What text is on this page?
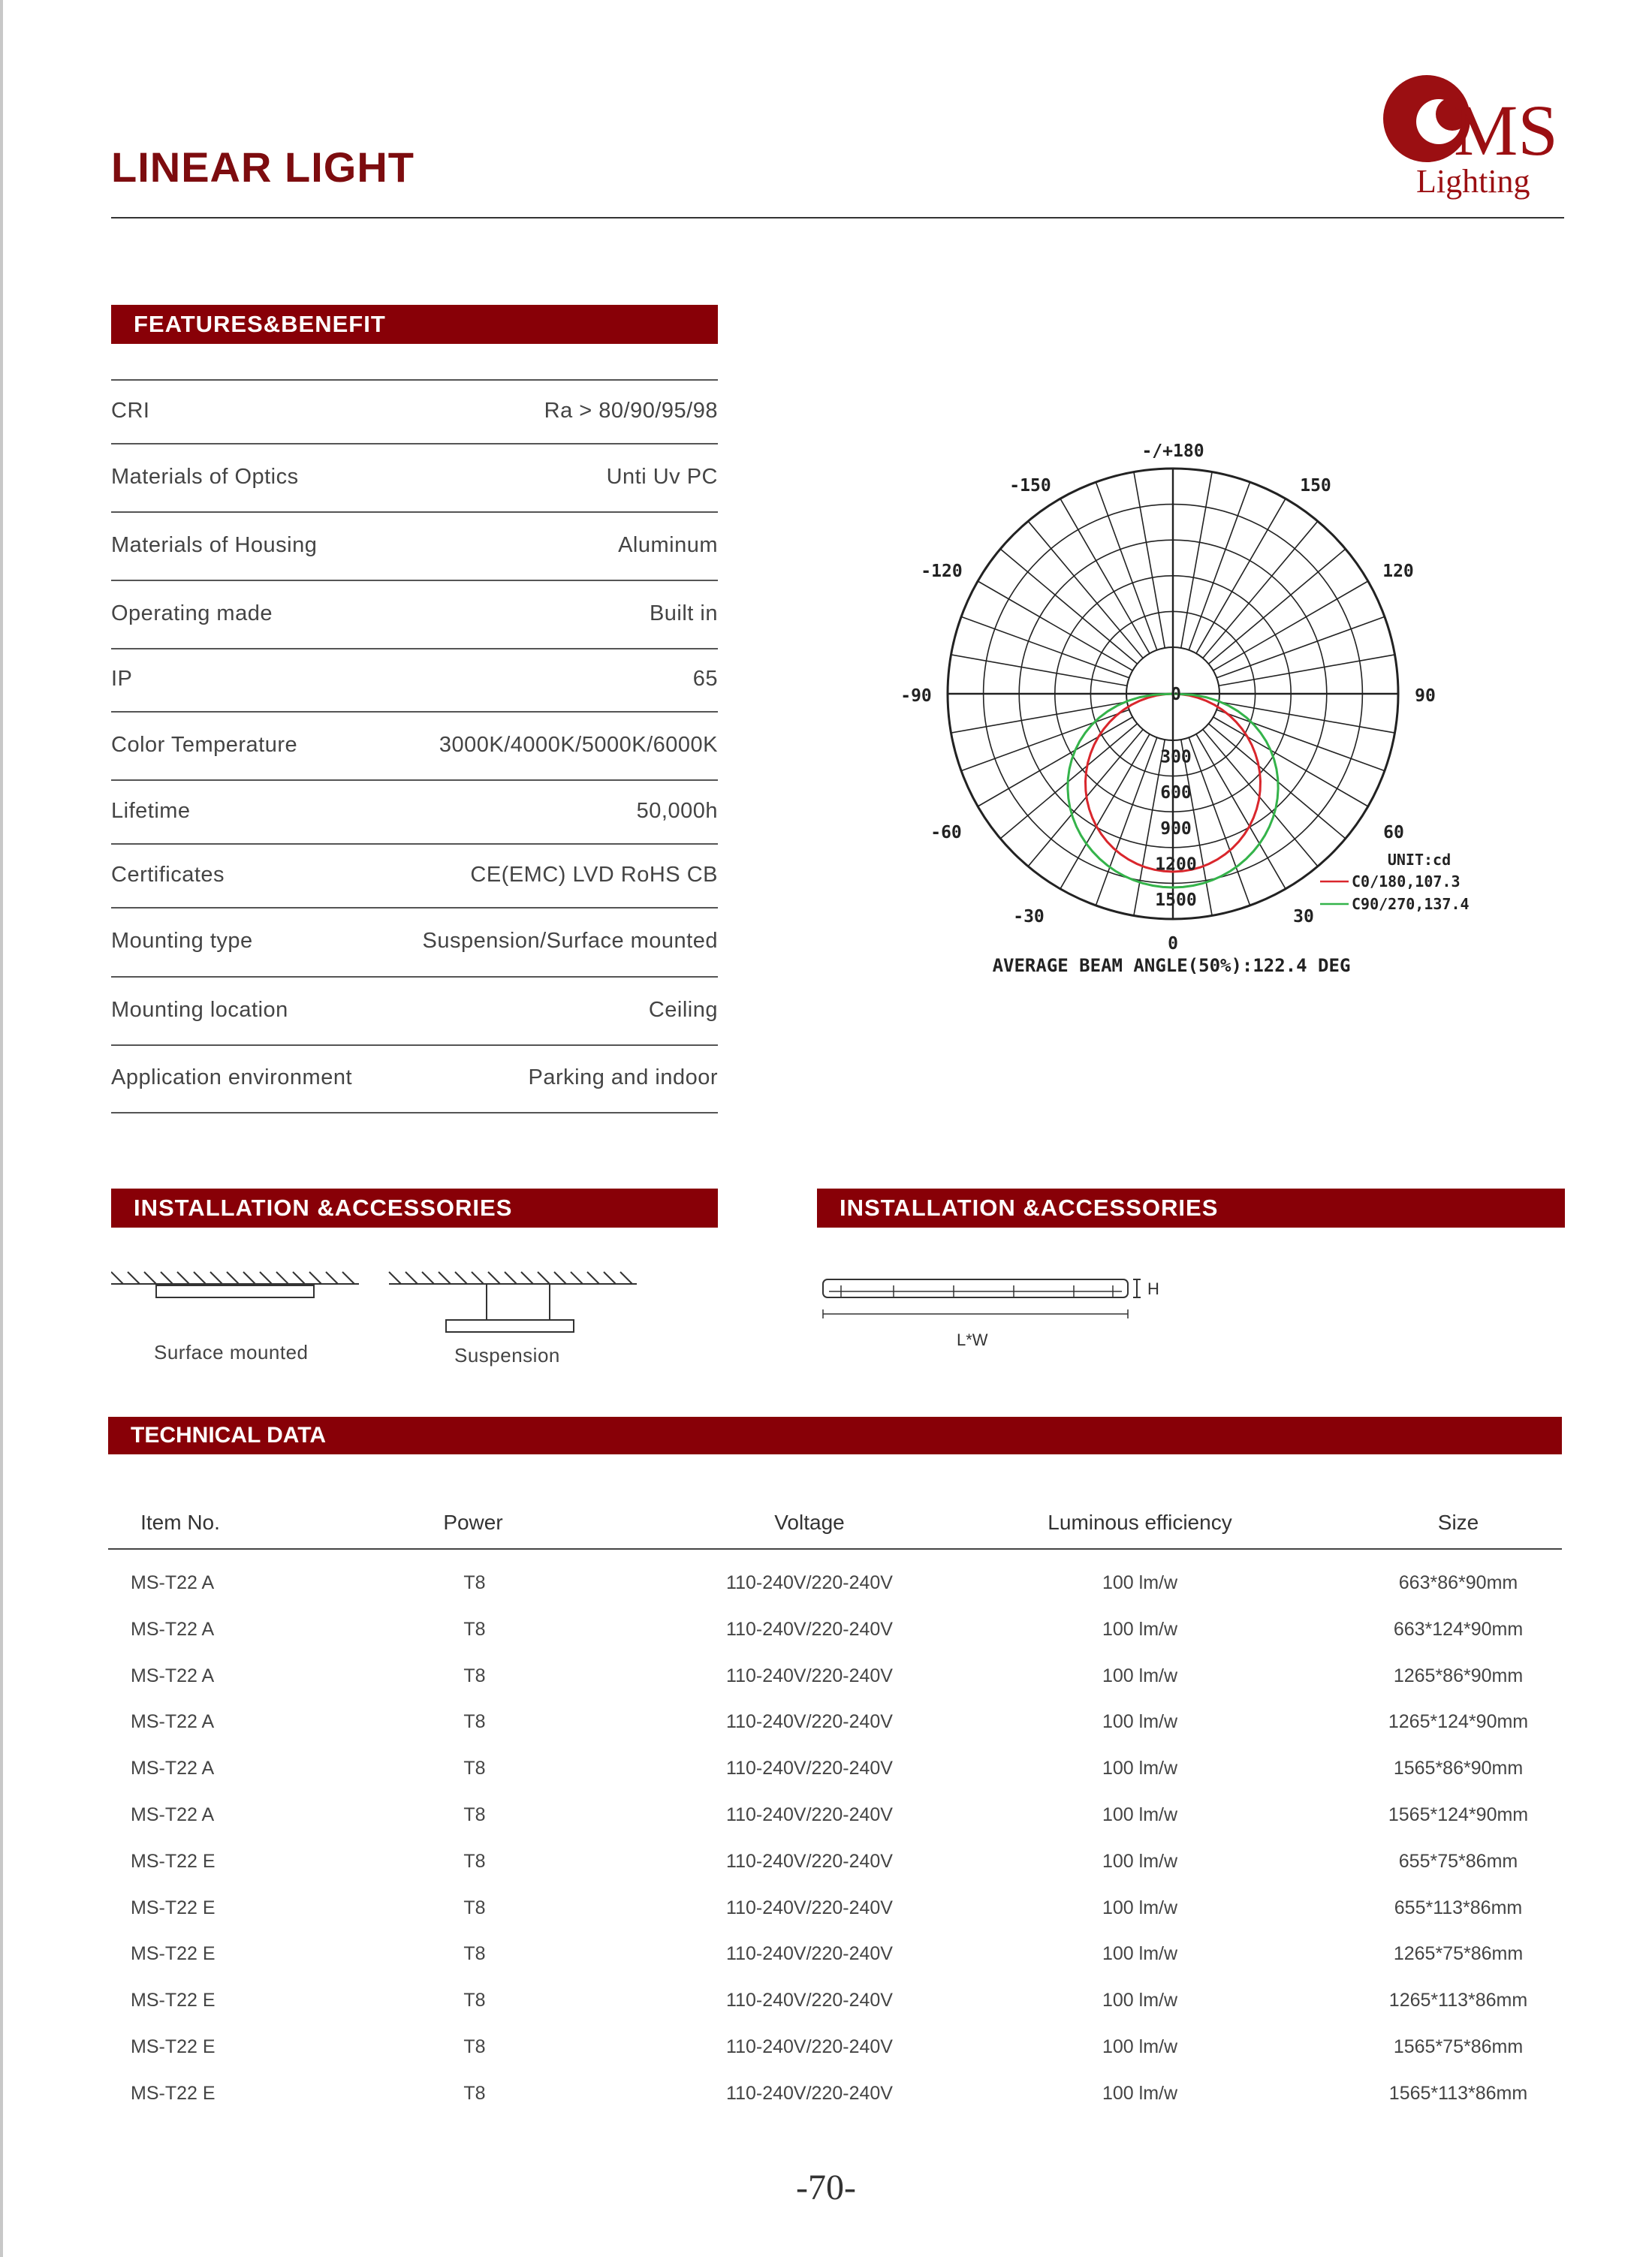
LINEAR LIGHT	MS
Lighting
FEATURES&BENEFIT
CRI	Ra > 80/90/95/98
Materials of Optics	Unti Uv PC
Materials of Housing	Aluminum
Operating made	Built in
IP	65
Color Temperature	3000K/4000K/5000K/6000K
Lifetime	50,000h
Certificates	CE(EMC) LVD RoHS CB
Mounting type	Suspension/Surface mounted
Mounting location	Ceiling
Application environment	Parking and indoor
-/+180
-150	150
-120	120
-90	90
-60	60
-30	30
0
0
300
600
900
1200
1500
UNIT:cd
C0/180,107.3
C90/270,137.4
AVERAGE BEAM ANGLE(50%):122.4 DEG
INSTALLATION &ACCESSORIES
Surface mounted	Suspension
INSTALLATION &ACCESSORIES
H
L*W
TECHNICAL DATA
Item No.	Power	Voltage	Luminous efficiency	Size
MS-T22 A	T8	110-240V/220-240V	100 lm/w	663*86*90mm
MS-T22 A	T8	110-240V/220-240V	100 lm/w	663*124*90mm
MS-T22 A	T8	110-240V/220-240V	100 lm/w	1265*86*90mm
MS-T22 A	T8	110-240V/220-240V	100 lm/w	1265*124*90mm
MS-T22 A	T8	110-240V/220-240V	100 lm/w	1565*86*90mm
MS-T22 A	T8	110-240V/220-240V	100 lm/w	1565*124*90mm
MS-T22 E	T8	110-240V/220-240V	100 lm/w	655*75*86mm
MS-T22 E	T8	110-240V/220-240V	100 lm/w	655*113*86mm
MS-T22 E	T8	110-240V/220-240V	100 lm/w	1265*75*86mm
MS-T22 E	T8	110-240V/220-240V	100 lm/w	1265*113*86mm
MS-T22 E	T8	110-240V/220-240V	100 lm/w	1565*75*86mm
MS-T22 E	T8	110-240V/220-240V	100 lm/w	1565*113*86mm
-70-
